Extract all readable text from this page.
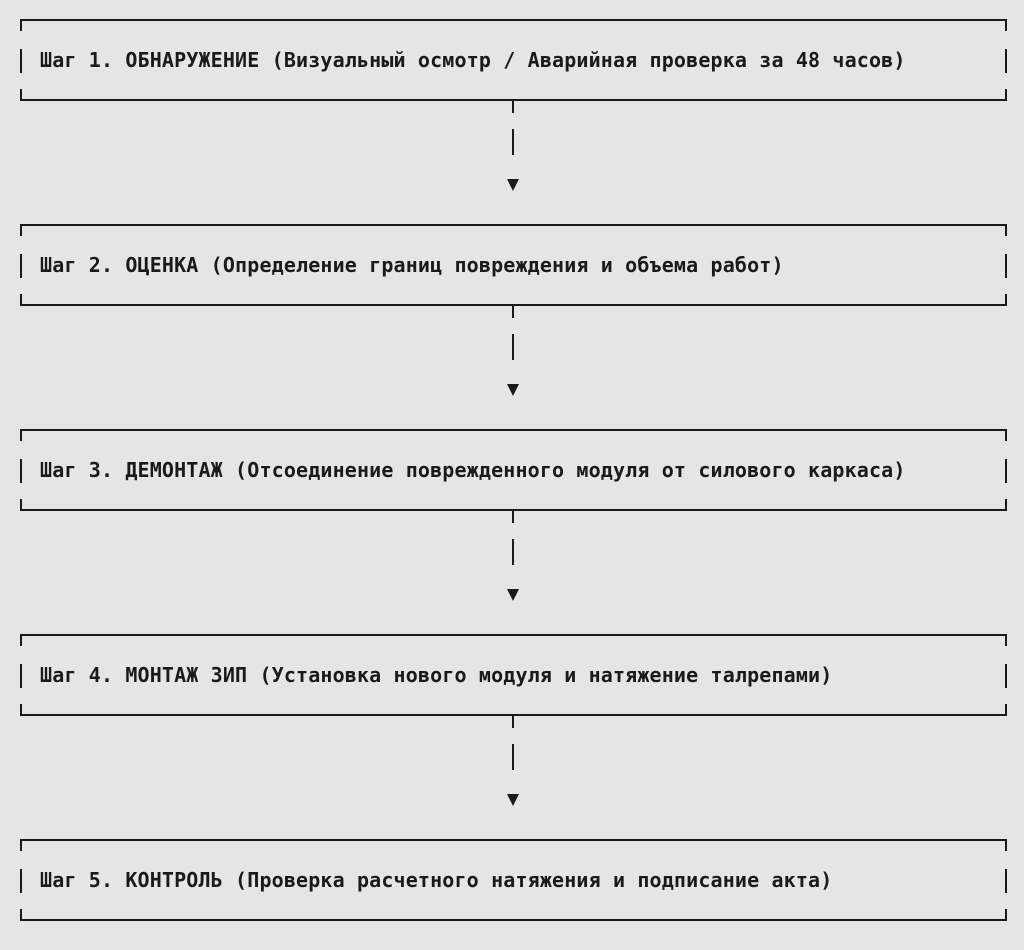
Шаг 1. ОБНАРУЖЕНИЕ (Визуальный осмотр / Аварийная проверка за 48 часов)
Шаг 2. ОЦЕНКА (Определение границ повреждения и объема работ)
Шаг 3. ДЕМОНТАЖ (Отсоединение поврежденного модуля от силового каркаса)
Шаг 4. МОНТАЖ ЗИП (Установка нового модуля и натяжение талрепами)
Шаг 5. КОНТРОЛЬ (Проверка расчетного натяжения и подписание акта)
